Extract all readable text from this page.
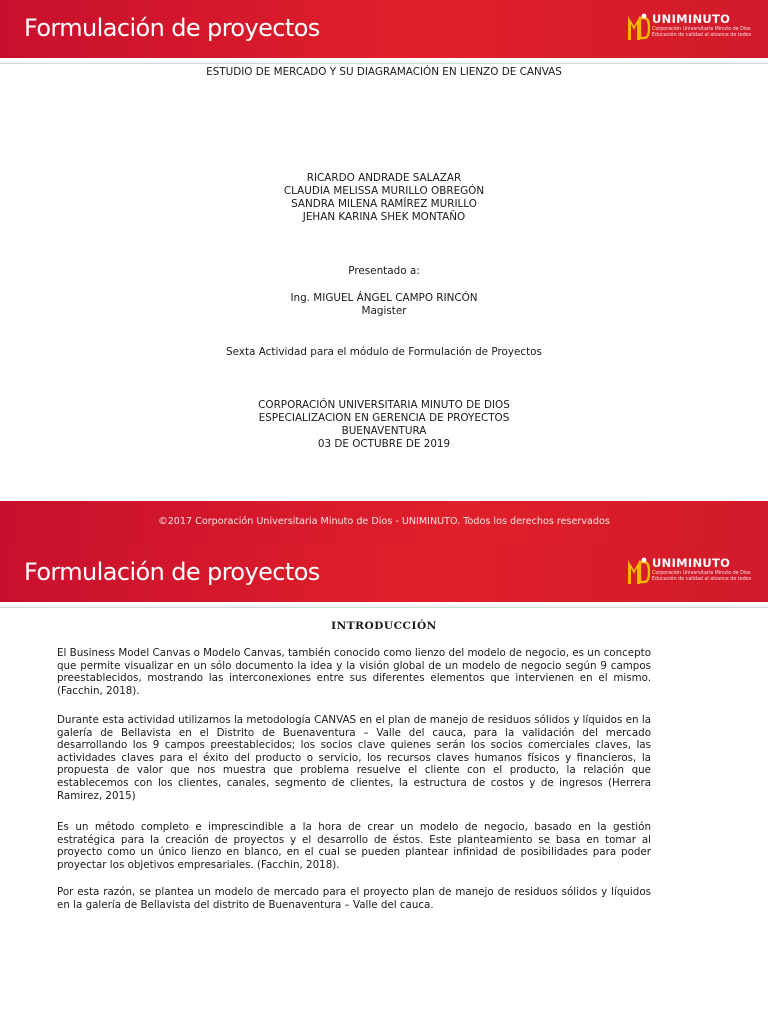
Formulación de proyectos	UNIMINUTO
Corporación Universitaria Minuto de Dios
Educación de calidad al alcance de todos
ESTUDIO DE MERCADO Y SU DIAGRAMACIÓN EN LIENZO DE CANVAS
RICARDO ANDRADE SALAZAR
CLAUDIA MELISSA MURILLO OBREGÓN
SANDRA MILENA RAMÍREZ MURILLO
JEHAN KARINA SHEK MONTAÑO
Presentado a:
Ing. MIGUEL ÁNGEL CAMPO RINCÓN
Magister
Sexta Actividad para el módulo de Formulación de Proyectos
CORPORACIÓN UNIVERSITARIA MINUTO DE DIOS
ESPECIALIZACION EN GERENCIA DE PROYECTOS
BUENAVENTURA
03 DE OCTUBRE DE 2019
©2017 Corporación Universitaria Minuto de Dios - UNIMINUTO. Todos los derechos reservados
Formulación de proyectos	UNIMINUTO
Corporación Universitaria Minuto de Dios
Educación de calidad al alcance de todos
INTRODUCCIÓN

El Business Model Canvas o Modelo Canvas, también conocido como lienzo del modelo de negocio, es un concepto que permite visualizar en un sólo documento la idea y la visión global de un modelo de negocio según 9 campos preestablecidos, mostrando las interconexiones entre sus diferentes elementos que intervienen en el mismo. (Facchin, 2018).

Durante esta actividad utilizamos la metodología CANVAS en el plan de manejo de residuos sólidos y líquidos en la galería de Bellavista en el Distrito de Buenaventura – Valle del cauca, para la validación del mercado desarrollando los 9 campos preestablecidos; los socios clave quienes serán los socios comerciales claves, las actividades claves para el éxito del producto o servicio, los recursos claves humanos físicos y financieros, la propuesta de valor que nos muestra que problema resuelve el cliente con el producto, la relación que establecemos con los clientes, canales, segmento de clientes, la estructura de costos y de ingresos (Herrera Ramirez, 2015)

Es un método completo e imprescindible a la hora de crear un modelo de negocio, basado en la gestión estratégica para la creación de proyectos y el desarrollo de éstos. Este planteamiento se basa en tomar al proyecto como un único lienzo en blanco, en el cual se pueden plantear infinidad de posibilidades para poder proyectar los objetivos empresariales. (Facchin, 2018).

Por esta razón, se plantea un modelo de mercado para el proyecto plan de manejo de residuos sólidos y líquidos en la galería de Bellavista del distrito de Buenaventura – Valle del cauca.
